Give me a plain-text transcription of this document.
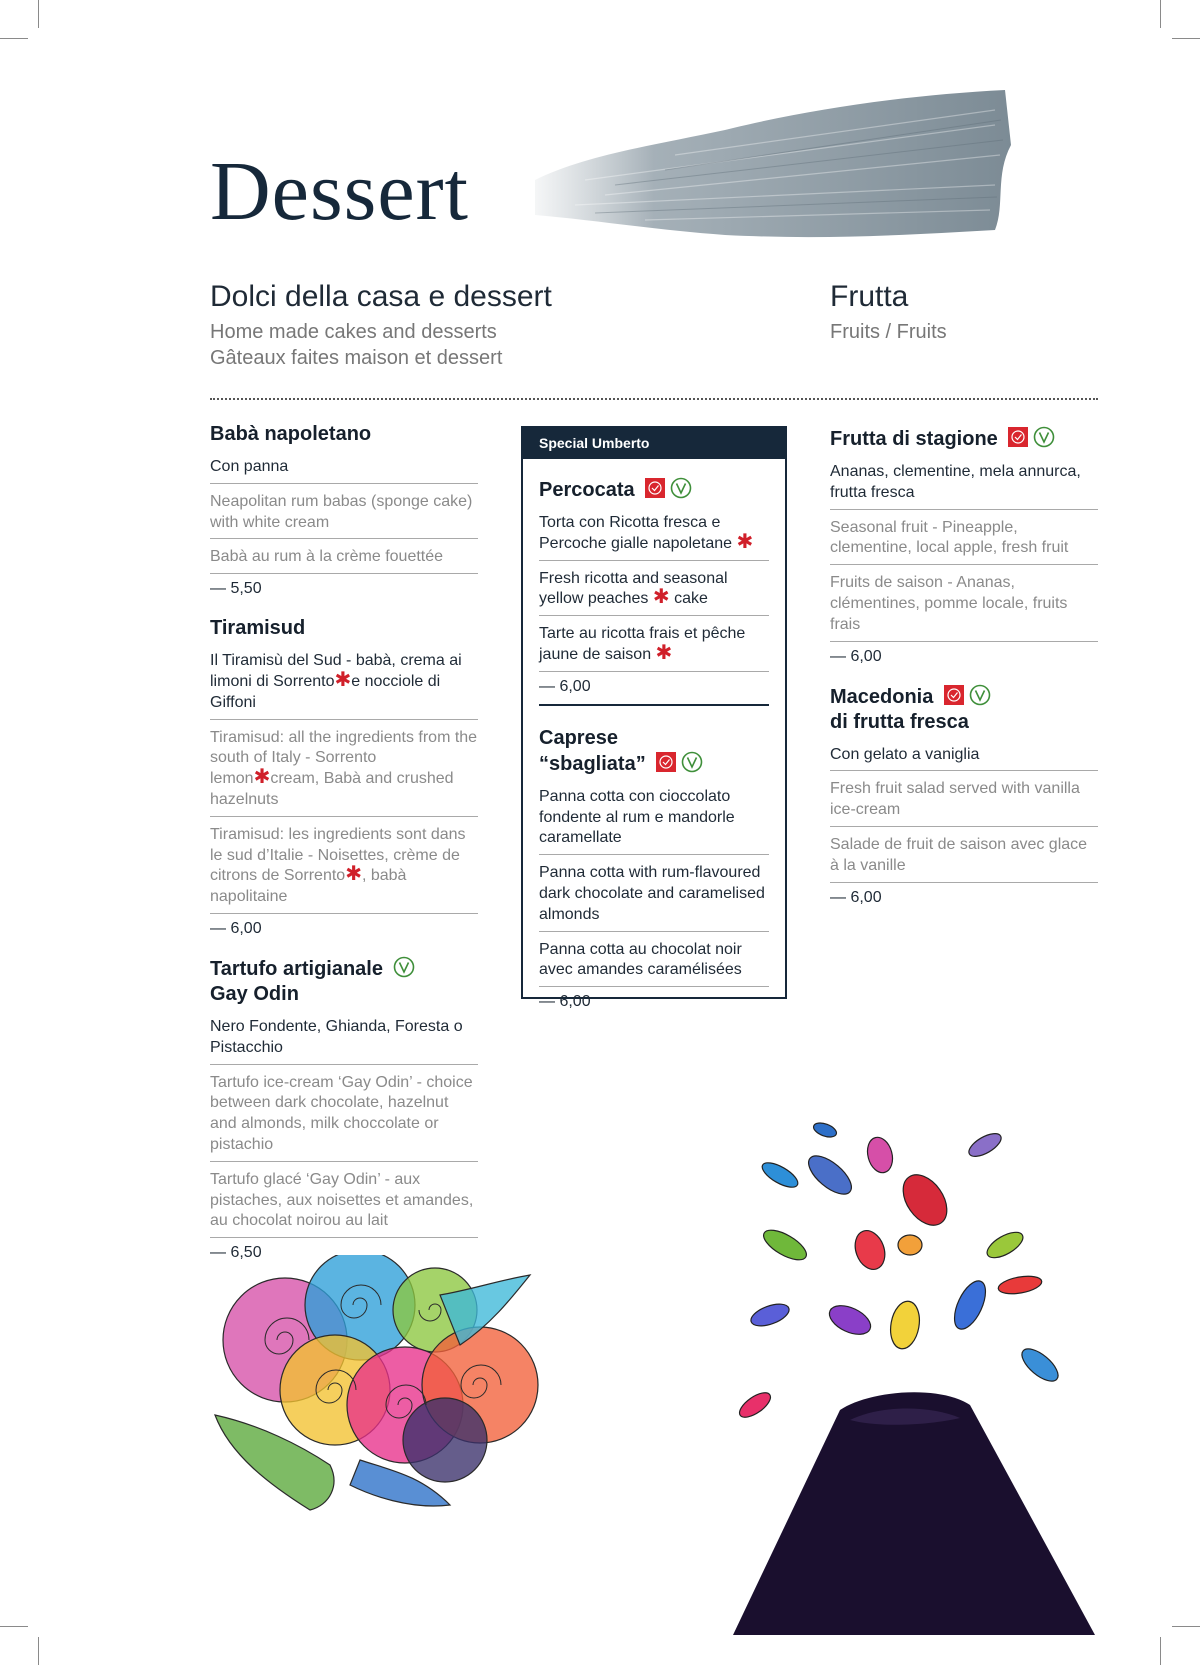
Dessert
Dolci della casa e dessert
Home made cakes and desserts
Gâteaux faites maison et dessert
Frutta
Fruits / Fruits
Babà napoletano
Con panna
Neapolitan rum babas (sponge cake) with white cream
Babà au rum à la crème fouettée
— 5,50
Tiramisud
Il Tiramisù del Sud - babà, crema ai limoni di Sorrento✱e nocciole di Giffoni
Tiramisud: all the ingredients from the south of Italy - Sorrento lemon✱cream, Babà and crushed hazelnuts
Tiramisud: les ingredients sont dans le sud d’Italie - Noisettes, crème de citrons de Sorrento✱, babà napolitaine
— 6,00
Tartufo artigianale
Gay Odin
Nero Fondente, Ghianda, Foresta o Pistacchio
Tartufo ice-cream ‘Gay Odin’ - choice between dark chocolate, hazelnut and almonds, milk choccolate or pistachio
Tartufo glacé ‘Gay Odin’ - aux pistaches, aux noisettes et amandes, au chocolat noirou au lait
— 6,50
Special Umberto
Percocata
Torta con Ricotta fresca e Percoche gialle napoletane ✱
Fresh ricotta and seasonal yellow peaches ✱ cake
Tarte au ricotta frais et pêche jaune de saison ✱
— 6,00
Caprese
“sbagliata”
Panna cotta con cioccolato fondente al rum e mandorle caramellate
Panna cotta with rum-flavoured dark chocolate and caramelised almonds
Panna cotta au chocolat noir avec amandes caramélisées
— 6,00
Frutta di stagione
Ananas, clementine, mela annurca, frutta fresca
Seasonal fruit - Pineapple, clementine, local apple, fresh fruit
Fruits de saison - Ananas, clémentines, pomme locale, fruits frais
— 6,00
Macedonia
di frutta fresca
Con gelato a vaniglia
Fresh fruit salad served with vanilla ice-cream
Salade de fruit de saison avec glace à la vanille
— 6,00
